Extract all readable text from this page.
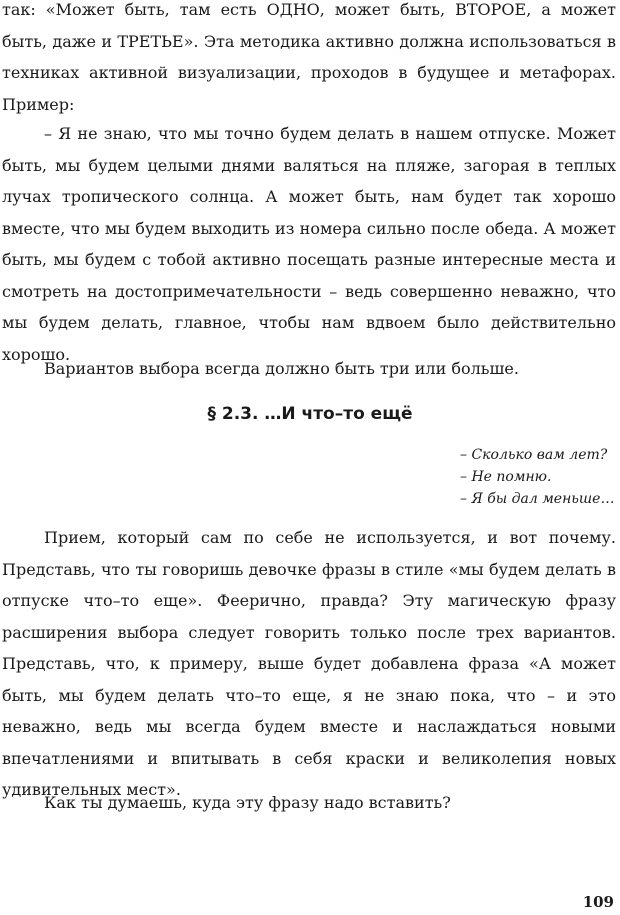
так: «Может быть, там есть ОДНО, может быть, ВТОРОЕ, а может быть, даже и ТРЕТЬЕ». Эта методика активно должна использоваться в техниках активной визуализации, проходов в будущее и метафорах. Пример:

– Я не знаю, что мы точно будем делать в нашем отпуске. Может быть, мы будем целыми днями валяться на пляже, загорая в теплых лучах тропического солнца. А может быть, нам будет так хорошо вместе, что мы будем выходить из номера сильно после обеда. А может быть, мы будем с тобой активно посещать разные интересные места и смотреть на достопримечательности – ведь совершенно неважно, что мы будем делать, главное, чтобы нам вдвоем было действительно хорошо.

Вариантов выбора всегда должно быть три или больше.

§ 2.3. …И что–то ещё
– Сколько вам лет?
– Не помню.
– Я бы дал меньше…

Прием, который сам по себе не используется, и вот почему. Представь, что ты говоришь девочке фразы в стиле «мы будем делать в отпуске что–то еще». Феерично, правда? Эту магическую фразу расширения выбора следует говорить только после трех вариантов. Представь, что, к примеру, выше будет добавлена фраза «А может быть, мы будем делать что–то еще, я не знаю пока, что – и это неважно, ведь мы всегда будем вместе и наслаждаться новыми впечатлениями и впитывать в себя краски и великолепия новых удивительных мест».

Как ты думаешь, куда эту фразу надо вставить?

109
